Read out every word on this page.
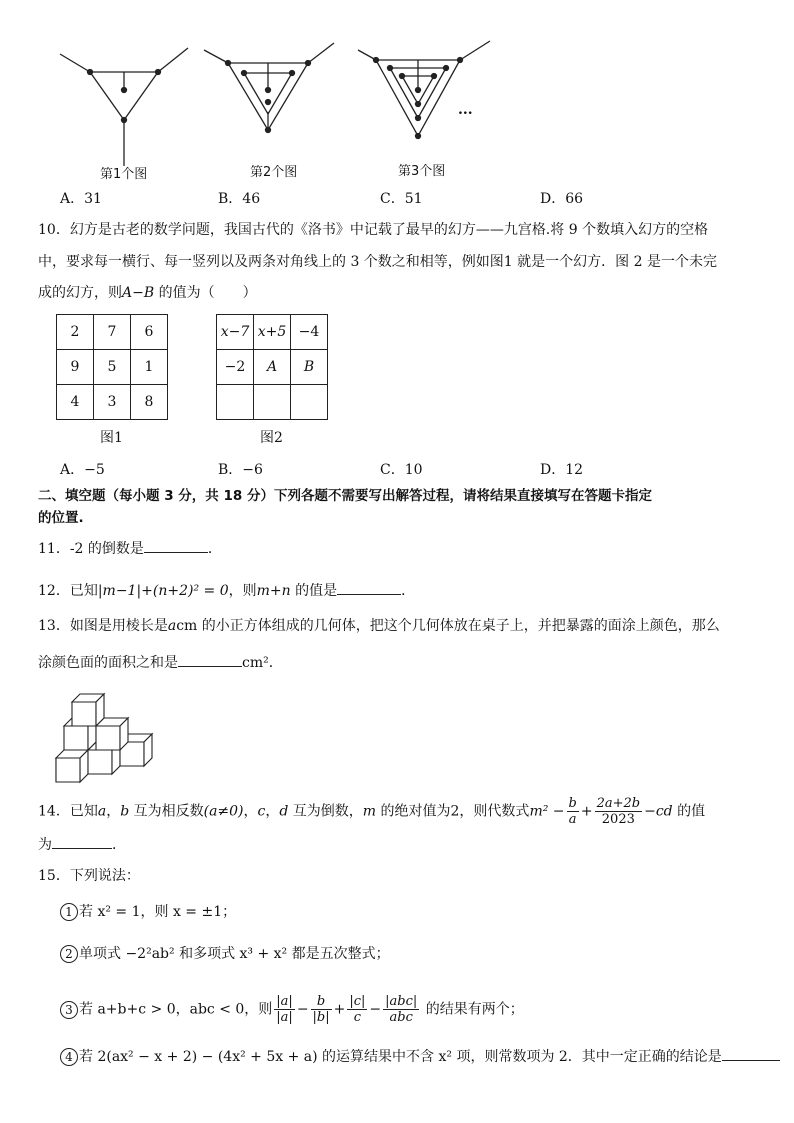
第1个图	第2个图	第3个图
...
A．31	B．46	C．51	D．66
10．幻方是古老的数学问题，我国古代的《洛书》中记载了最早的幻方——九宫格.将 9 个数填入幻方的空格
中，要求每一横行、每一竖列以及两条对角线上的 3 个数之和相等，例如图1 就是一个幻方．图 2 是一个未完
成的幻方，则A−B 的值为（　　）
2	7	6
9	5	1
4	3	8
图1
x−7	x+5	−4
−2	A	B

图2
A．−5	B．−6	C．10	D．12
二、填空题（每小题 3 分，共 18 分）下列各题不需要写出解答过程，请将结果直接填写在答题卡指定
的位置.
11．-2 的倒数是	．
12．已知|m−1|+(n+2)² = 0，则m+n 的值是	．
13．如图是用棱长是acm 的小正方体组成的几何体，把这个几何体放在桌子上，并把暴露的面涂上颜色，那么
涂颜色面的面积之和是	cm²．
14．已知a，b 互为相反数(a≠0)，c，d 互为倒数，m 的绝对值为2，则代数式$m^2 - \frac{b}{a} + \frac{2a+2b}{2023} -cd$ 的值
为	．
15．下列说法：
1 若 x² = 1，则 x = ±1；
2 单项式 −2²ab² 和多项式 x³ + x² 都是五次整式；
3 若 a+b+c > 0，abc < 0，则 $\frac{|a|}{|a|} - \frac{b}{|b|} + \frac{|c|}{c} - \frac{\text{|abc|}}{\text{abc}}$ 的结果有两个；
4 若 2(ax² − x + 2) − (4x² + 5x + a) 的运算结果中不含 x² 项，则常数项为 2．其中一定正确的结论是
